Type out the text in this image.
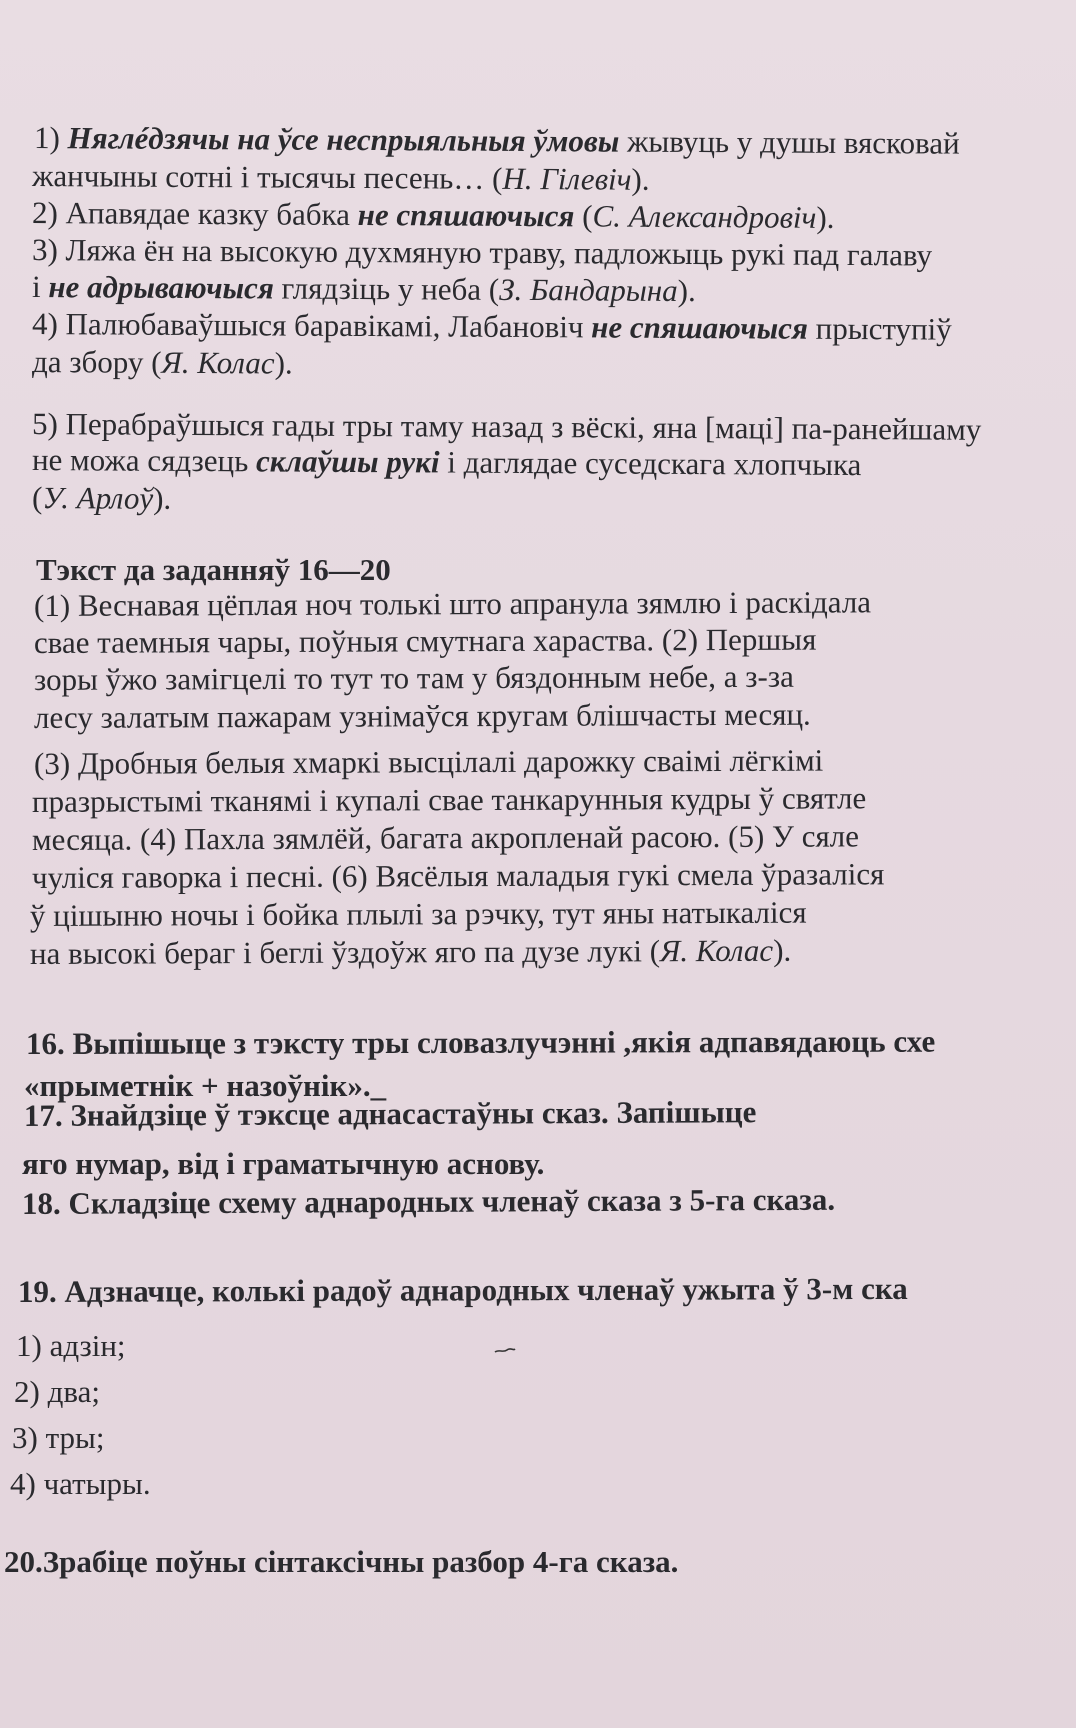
1) Няглéдзячы на ўсе неспрыяльныя ўмовы жывуць у душы вясковай
жанчыны сотні і тысячы песень… (Н. Гілевіч).
2) Апавядае казку бабка не спяшаючыся (С. Александровіч).
3) Ляжа ён на высокую духмяную траву, падложыць рукі пад галаву
і не адрываючыся глядзіць у неба (З. Бандарына).
4) Палюбаваўшыся баравікамі, Лабановіч не спяшаючыся прыступіў
да збору (Я. Колас).
5) Перабраўшыся гады тры таму назад з вёскі, яна [маці] па-ранейшаму
не можа сядзець склаўшы рукі і даглядае суседскага хлопчыка
(У. Арлоў).
Тэкст да заданняў 16—20
(1) Веснавая цёплая ноч толькі што апранула зямлю і раскідала
свае таемныя чары, поўныя смутнага хараства. (2) Першыя
зоры ўжо замігцелі то тут то там у бяздонным небе, а з-за
лесу залатым пажарам узнімаўся кругам блішчасты месяц.
(3) Дробныя белыя хмаркі высцілалі дарожку сваімі лёгкімі
празрыстымі тканямі і купалі свае танкарунныя кудры ў святле
месяца. (4) Пахла зямлёй, багата акропленай расою. (5) У сяле
чуліся гаворка і песні. (6) Вясёлыя маладыя гукі смела ўразаліся
ў цішыню ночы і бойка плылі за рэчку, тут яны натыкаліся
на высокі бераг і беглі ўздоўж яго па дузе лукі (Я. Колас).
16. Выпішыце з тэксту тры словазлучэнні ,якія адпавядаюць схе
«прыметнік + назоўнік»._
17. Знайдзіце ў тэксце аднасастаўны сказ. Запішыце
яго нумар, від і граматычную аснову.
18. Складзіце схему аднародных членаў сказа з 5-га сказа.
19. Адзначце, колькі радоў аднародных членаў ужыта ў 3-м ска
1) адзін;
2) два;
3) тры;
4) чатыры.
20.Зрабіце поўны сінтаксічны разбор 4-га сказа.
